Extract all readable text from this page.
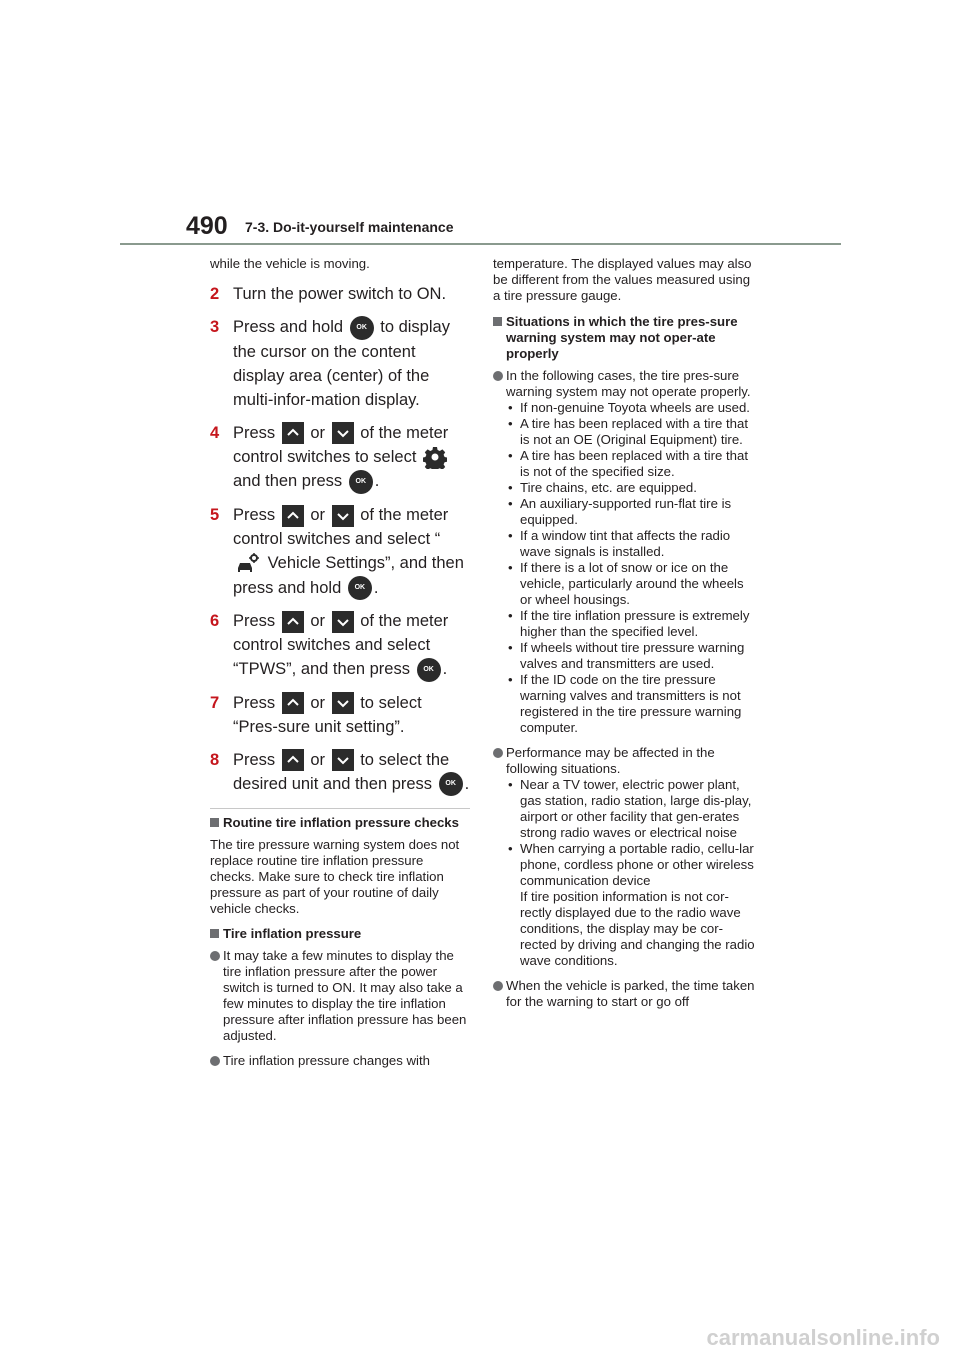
490 7-3. Do-it-yourself maintenance

while the vehicle is moving.

2 Turn the power switch to ON.
3 Press and hold OK to display the cursor on the content display area (center) of the multi-infor-mation display.
4 Press
or
of the meter control switches to select  and then press OK .
5 Press
or
of the meter control switches and select “ Vehicle Settings”, and then press and hold OK .
6 Press
or
of the meter control switches and select “TPWS”, and then press OK .
7 Press
or
to select “Pres-sure unit setting”.
8 Press
or
to select the desired unit and then press OK .
Routine tire inflation pressure checks

The tire pressure warning system does not replace routine tire inflation pressure checks. Make sure to check tire inflation pressure as part of your routine of daily vehicle checks.

Tire inflation pressure
It may take a few minutes to display the tire inflation pressure after the power switch is turned to ON. It may also take a few minutes to display the tire inflation pressure after inflation pressure has been adjusted.
Tire inflation pressure changes with

temperature. The displayed values may also be different from the values measured using a tire pressure gauge.

Situations in which the tire pres-sure warning system may not oper-ate properly
In the following cases, the tire pres-sure warning system may not operate properly.
• If non-genuine Toyota wheels are used.
• A tire has been replaced with a tire that is not an OE (Original Equipment) tire.
• A tire has been replaced with a tire that is not of the specified size.
• Tire chains, etc. are equipped.
• An auxiliary-supported run-flat tire is equipped.
• If a window tint that affects the radio wave signals is installed.
• If there is a lot of snow or ice on the vehicle, particularly around the wheels or wheel housings.
• If the tire inflation pressure is extremely higher than the specified level.
• If wheels without tire pressure warning valves and transmitters are used.
• If the ID code on the tire pressure warning valves and transmitters is not registered in the tire pressure warning computer.
Performance may be affected in the following situations.
• Near a TV tower, electric power plant, gas station, radio station, large dis-play, airport or other facility that gen-erates strong radio waves or electrical noise
• When carrying a portable radio, cellu-lar phone, cordless phone or other wireless communication device
If tire position information is not cor-rectly displayed due to the radio wave conditions, the display may be cor-rected by driving and changing the radio wave conditions.
When the vehicle is parked, the time taken for the warning to start or go off
carmanualsonline.info
